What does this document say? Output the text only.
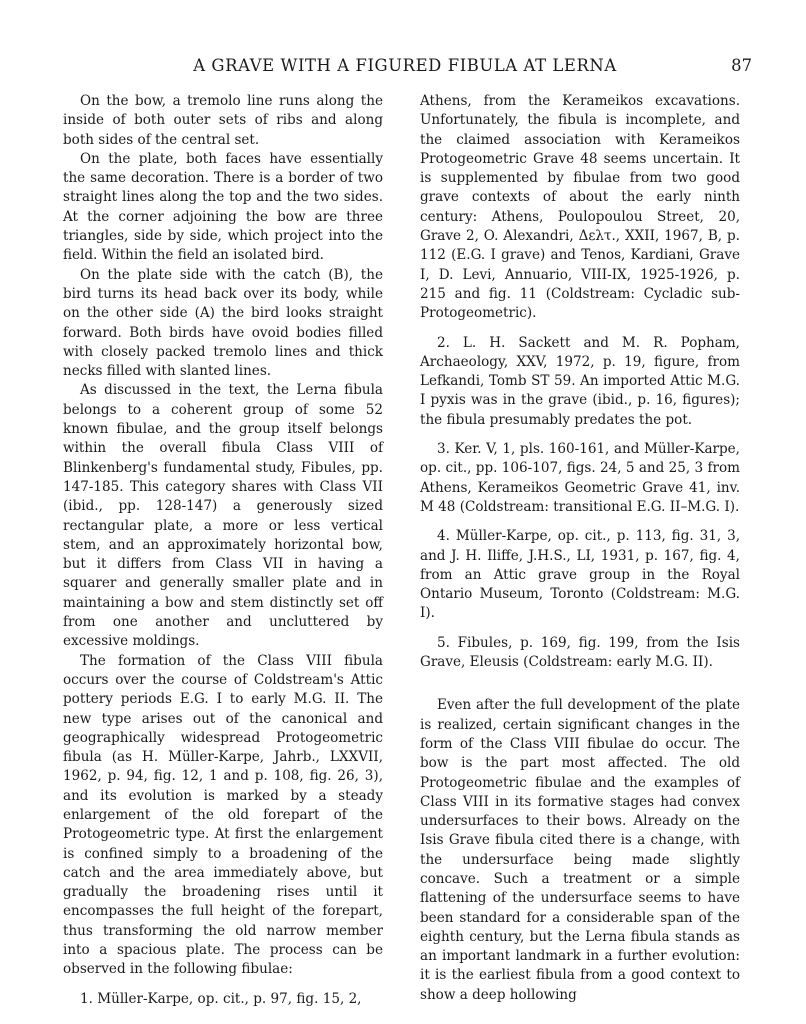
A GRAVE WITH A FIGURED FIBULA AT LERNA	87

On the bow, a tremolo line runs along the inside of both outer sets of ribs and along both sides of the central set.

On the plate, both faces have essentially the same decoration. There is a border of two straight lines along the top and the two sides. At the corner adjoining the bow are three triangles, side by side, which project into the field. Within the field an isolated bird.

On the plate side with the catch (B), the bird turns its head back over its body, while on the other side (A) the bird looks straight forward. Both birds have ovoid bodies filled with closely packed tremolo lines and thick necks filled with slanted lines.

As discussed in the text, the Lerna fibula belongs to a coherent group of some 52 known fibulae, and the group itself belongs within the overall fibula Class VIII of Blinkenberg's fundamental study, Fibules, pp. 147-185. This category shares with Class VII (ibid., pp. 128-147) a generously sized rectangular plate, a more or less vertical stem, and an approximately horizontal bow, but it differs from Class VII in having a squarer and generally smaller plate and in maintaining a bow and stem distinctly set off from one another and uncluttered by excessive moldings.

The formation of the Class VIII fibula occurs over the course of Coldstream's Attic pottery periods E.G. I to early M.G. II. The new type arises out of the canonical and geographically widespread Protogeometric fibula (as H. Müller-Karpe, Jahrb., LXXVII, 1962, p. 94, fig. 12, 1 and p. 108, fig. 26, 3), and its evolution is marked by a steady enlargement of the old forepart of the Protogeometric type. At first the enlargement is confined simply to a broadening of the catch and the area immediately above, but gradually the broadening rises until it encompasses the full height of the forepart, thus transforming the old narrow member into a spacious plate. The process can be observed in the following fibulae:

1. Müller-Karpe, op. cit., p. 97, fig. 15, 2,

Athens, from the Kerameikos excavations. Unfortunately, the fibula is incomplete, and the claimed association with Kerameikos Protogeometric Grave 48 seems uncertain. It is supplemented by fibulae from two good grave contexts of about the early ninth century: Athens, Poulopoulou Street, 20, Grave 2, O. Alexandri, Δελτ., XXII, 1967, B, p. 112 (E.G. I grave) and Tenos, Kardiani, Grave I, D. Levi, Annuario, VIII-IX, 1925-1926, p. 215 and fig. 11 (Coldstream: Cycladic sub-Protogeometric).

2. L. H. Sackett and M. R. Popham, Archaeology, XXV, 1972, p. 19, figure, from Lefkandi, Tomb ST 59. An imported Attic M.G. I pyxis was in the grave (ibid., p. 16, figures); the fibula presumably predates the pot.

3. Ker. V, 1, pls. 160-161, and Müller-Karpe, op. cit., pp. 106-107, figs. 24, 5 and 25, 3 from Athens, Kerameikos Geometric Grave 41, inv. M 48 (Coldstream: transitional E.G. II–M.G. I).

4. Müller-Karpe, op. cit., p. 113, fig. 31, 3, and J. H. Iliffe, J.H.S., LI, 1931, p. 167, fig. 4, from an Attic grave group in the Royal Ontario Museum, Toronto (Coldstream: M.G. I).

5. Fibules, p. 169, fig. 199, from the Isis Grave, Eleusis (Coldstream: early M.G. II).

Even after the full development of the plate is realized, certain significant changes in the form of the Class VIII fibulae do occur. The bow is the part most affected. The old Protogeometric fibulae and the examples of Class VIII in its formative stages had convex undersurfaces to their bows. Already on the Isis Grave fibula cited there is a change, with the undersurface being made slightly concave. Such a treatment or a simple flattening of the undersurface seems to have been standard for a considerable span of the eighth century, but the Lerna fibula stands as an important landmark in a further evolution: it is the earliest fibula from a good context to show a deep hollowing
